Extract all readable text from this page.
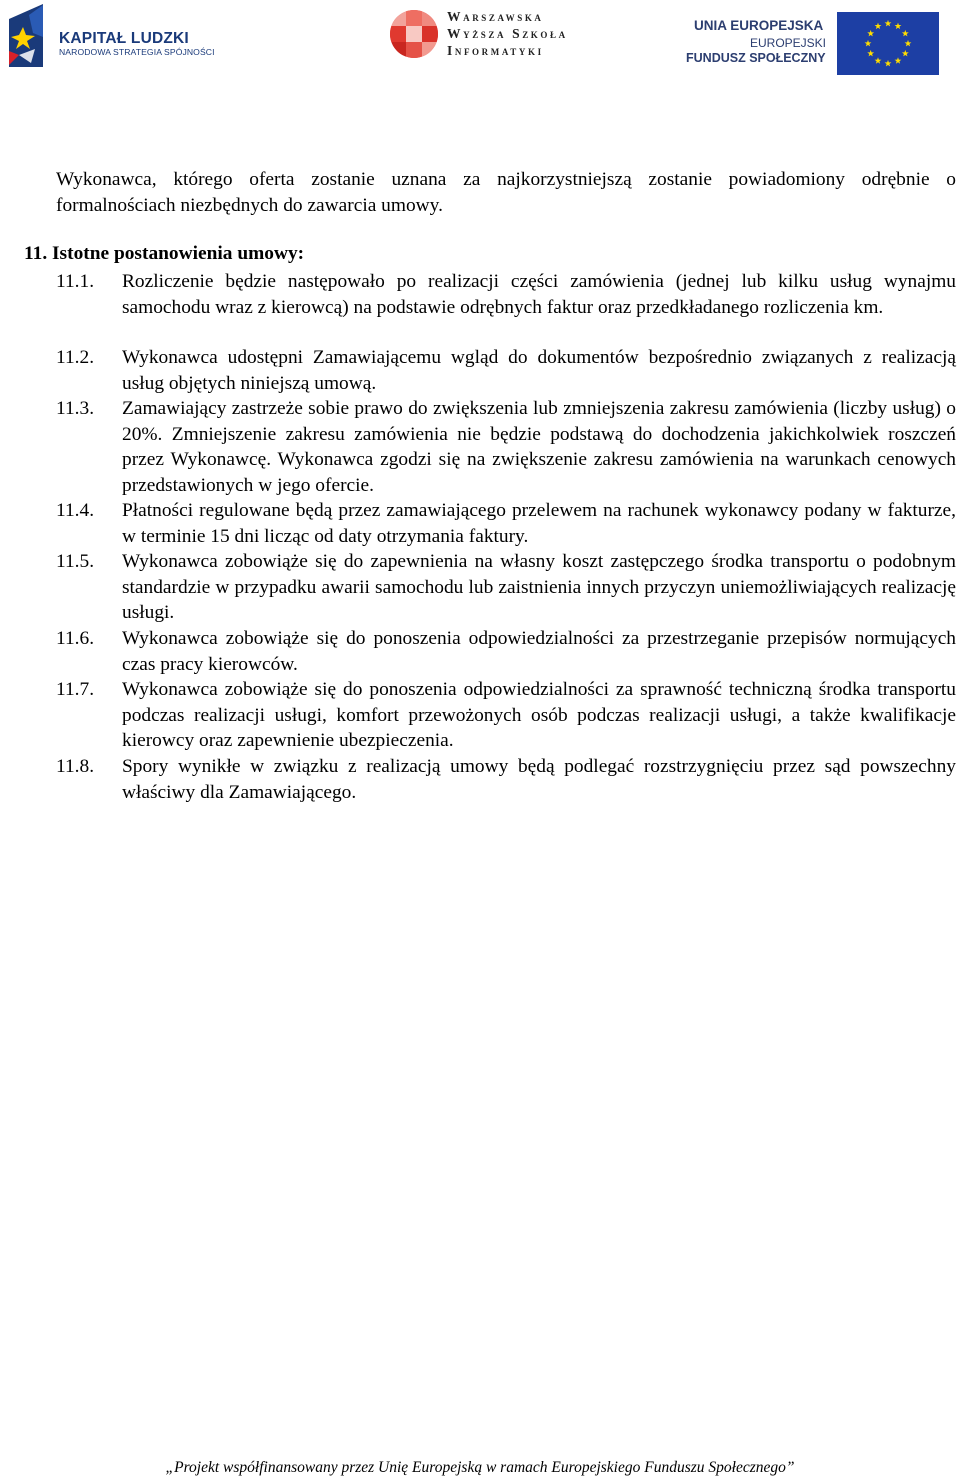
KAPITAŁ LUDZKI
NARODOWA STRATEGIA SPÓJNOŚCI
Warszawska
Wyższa Szkoła
Informatyki
UNIA EUROPEJSKA
EUROPEJSKI
FUNDUSZ SPOŁECZNY
Wykonawca, którego oferta zostanie uznana za najkorzystniejszą zostanie powiadomiony odrębnie o formalnościach niezbędnych do zawarcia umowy.
11. Istotne postanowienia umowy:
11.1. Rozliczenie będzie następowało po realizacji części zamówienia (jednej lub kilku usług wynajmu samochodu wraz z kierowcą) na podstawie odrębnych faktur oraz przedkładanego rozliczenia km.
11.2. Wykonawca udostępni Zamawiającemu wgląd do dokumentów bezpośrednio związanych z realizacją usług objętych niniejszą umową.
11.3. Zamawiający zastrzeże sobie prawo do zwiększenia lub zmniejszenia zakresu zamówienia (liczby usług) o 20%. Zmniejszenie zakresu zamówienia nie będzie podstawą do dochodzenia jakichkolwiek roszczeń przez Wykonawcę. Wykonawca zgodzi się na zwiększenie zakresu zamówienia na warunkach cenowych przedstawionych w jego ofercie.
11.4. Płatności regulowane będą przez zamawiającego przelewem na rachunek wykonawcy podany w fakturze, w terminie 15 dni licząc od daty otrzymania faktury.
11.5. Wykonawca zobowiąże się do zapewnienia na własny koszt zastępczego środka transportu o podobnym standardzie w przypadku awarii samochodu lub zaistnienia innych przyczyn uniemożliwiających realizację usługi.
11.6. Wykonawca zobowiąże się do ponoszenia odpowiedzialności za przestrzeganie przepisów normujących czas pracy kierowców.
11.7. Wykonawca zobowiąże się do ponoszenia odpowiedzialności za sprawność techniczną środka transportu podczas realizacji usługi, komfort przewożonych osób podczas realizacji usługi, a także kwalifikacje kierowcy oraz zapewnienie ubezpieczenia.
11.8. Spory wynikłe w związku z realizacją umowy będą podlegać rozstrzygnięciu przez sąd powszechny właściwy dla Zamawiającego.
„Projekt współfinansowany przez Unię Europejską w ramach Europejskiego Funduszu Społecznego”
